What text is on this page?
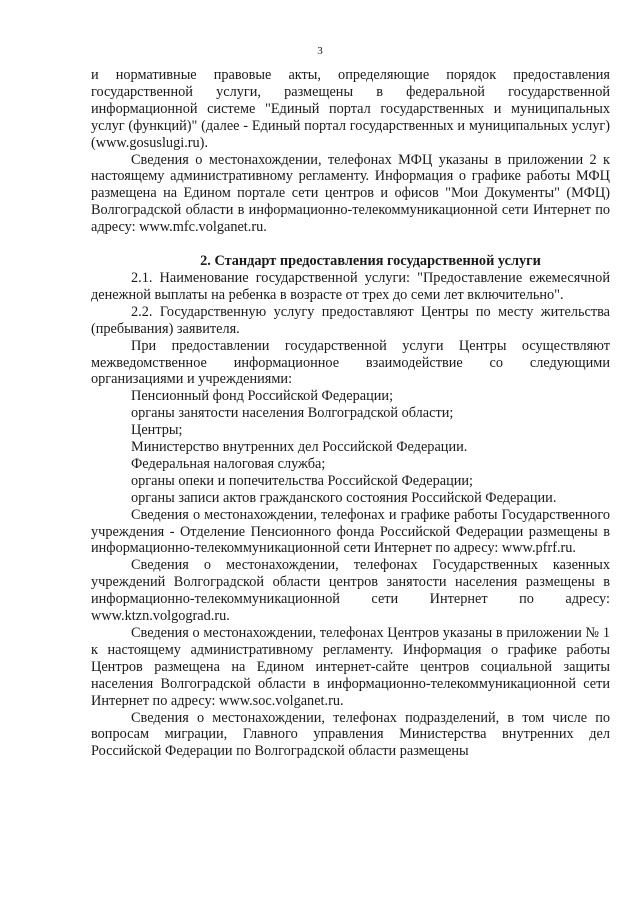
3

и нормативные правовые акты, определяющие порядок предоставления государственной услуги, размещены в федеральной государственной информационной системе "Единый портал государственных и муниципальных услуг (функций)" (далее - Единый портал государственных и муниципальных услуг) (www.gosuslugi.ru).

Сведения о местонахождении, телефонах МФЦ указаны в приложении 2 к настоящему административному регламенту. Информация о графике работы МФЦ размещена на Едином портале сети центров и офисов "Мои Документы" (МФЦ) Волгоградской области в информационно-телекоммуникационной сети Интернет по адресу: www.mfc.volganet.ru.

2. Стандарт предоставления государственной услуги

2.1. Наименование государственной услуги: "Предоставление ежемесячной денежной выплаты на ребенка в возрасте от трех до семи лет включительно".

2.2. Государственную услугу предоставляют Центры по месту жительства (пребывания) заявителя.

При предоставлении государственной услуги Центры осуществляют межведомственное информационное взаимодействие со следующими организациями и учреждениями:

Пенсионный фонд Российской Федерации;

органы занятости населения Волгоградской области;

Центры;

Министерство внутренних дел Российской Федерации.

Федеральная налоговая служба;

органы опеки и попечительства Российской Федерации;

органы записи актов гражданского состояния Российской Федерации.

Сведения о местонахождении, телефонах и графике работы Государственного учреждения - Отделение Пенсионного фонда Российской Федерации размещены в информационно-телекоммуникационной сети Интернет по адресу: www.pfrf.ru.

Сведения о местонахождении, телефонах Государственных казенных учреждений Волгоградской области центров занятости населения размещены в информационно-телекоммуникационной сети Интернет по адресу: www.ktzn.volgograd.ru.

Сведения о местонахождении, телефонах Центров указаны в приложении № 1 к настоящему административному регламенту. Информация о графике работы Центров размещена на Едином интернет-сайте центров социальной защиты населения Волгоградской области в информационно-телекоммуникационной сети Интернет по адресу: www.soc.volganet.ru.

Сведения о местонахождении, телефонах подразделений, в том числе по вопросам миграции, Главного управления Министерства внутренних дел Российской Федерации по Волгоградской области размещены
